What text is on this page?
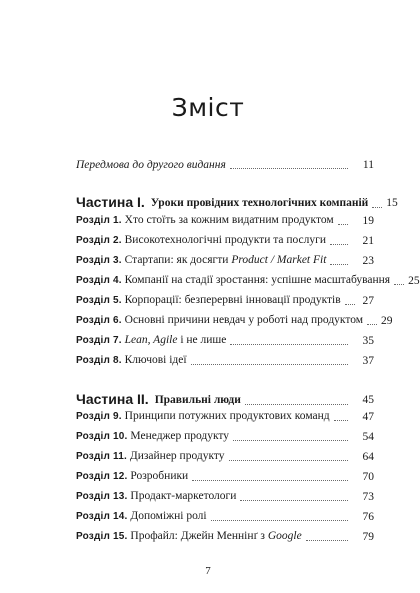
Зміст
Передмова до другого видання	11
Частина I. Уроки провідних технологічних компаній	15
Розділ 1. Хто стоїть за кожним видатним продуктом	19
Розділ 2. Високотехнологічні продукти та послуги	21
Розділ 3. Стартапи: як досягти Product / Market Fit	23
Розділ 4. Компанії на стадії зростання: успішне масштабування	25
Розділ 5. Корпорації: безперервні інновації продуктів	27
Розділ 6. Основні причини невдач у роботі над продуктом	29
Розділ 7. Lean, Agile і не лише	35
Розділ 8. Ключові ідеї	37
Частина II. Правильні люди	45
Розділ 9. Принципи потужних продуктових команд	47
Розділ 10. Менеджер продукту	54
Розділ 11. Дизайнер продукту	64
Розділ 12. Розробники	70
Розділ 13. Продакт-маркетологи	73
Розділ 14. Допоміжні ролі	76
Розділ 15. Профайл: Джейн Меннінґ з Google	79
7
